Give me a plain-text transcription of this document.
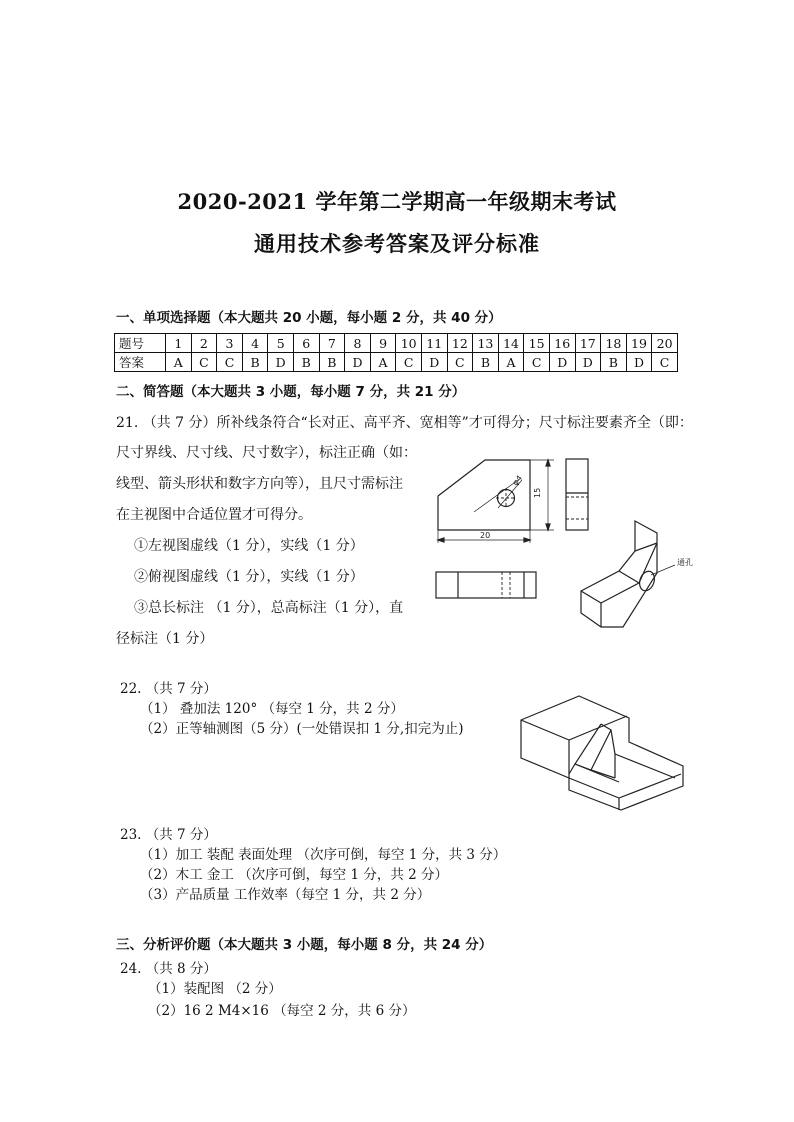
2020-2021 学年第二学期高一年级期末考试
通用技术参考答案及评分标准
一、单项选择题（本大题共 20 小题，每小题 2 分，共 40 分）
题号	1	2	3	4	5	6	7	8	9	10	11	12	13	14	15	16	17	18	19	20
答案	A	C	C	B	D	B	B	D	A	C	D	C	B	A	C	D	D	B	D	C
二、简答题（本大题共 3 小题，每小题 7 分，共 21 分）
21. （共 7 分）所补线条符合“长对正、高平齐、宽相等”才可得分；尺寸标注要素齐全（即：
尺寸界线、尺寸线、尺寸数字），标注正确（如：
线型、箭头形状和数字方向等），且尺寸需标注
在主视图中合适位置才可得分。
①左视图虚线（1 分），实线（1 分）
②俯视图虚线（1 分），实线（1 分）
③总长标注 （1 分），总高标注（1 分），直
径标注（1 分）
φ4
15
20
通孔
22. （共 7 分）
（1） 叠加法 120° （每空 1 分，共 2 分）
（2）正等轴测图（5 分）(一处错误扣 1 分,扣完为止)
23. （共 7 分）
（1）加工 装配 表面处理 （次序可倒，每空 1 分，共 3 分）
（2）木工 金工 （次序可倒，每空 1 分，共 2 分）
（3）产品质量 工作效率（每空 1 分，共 2 分）
三、分析评价题（本大题共 3 小题，每小题 8 分，共 24 分）
24. （共 8 分）
（1）装配图 （2 分）
（2）16 2 M4×16 （每空 2 分，共 6 分）
